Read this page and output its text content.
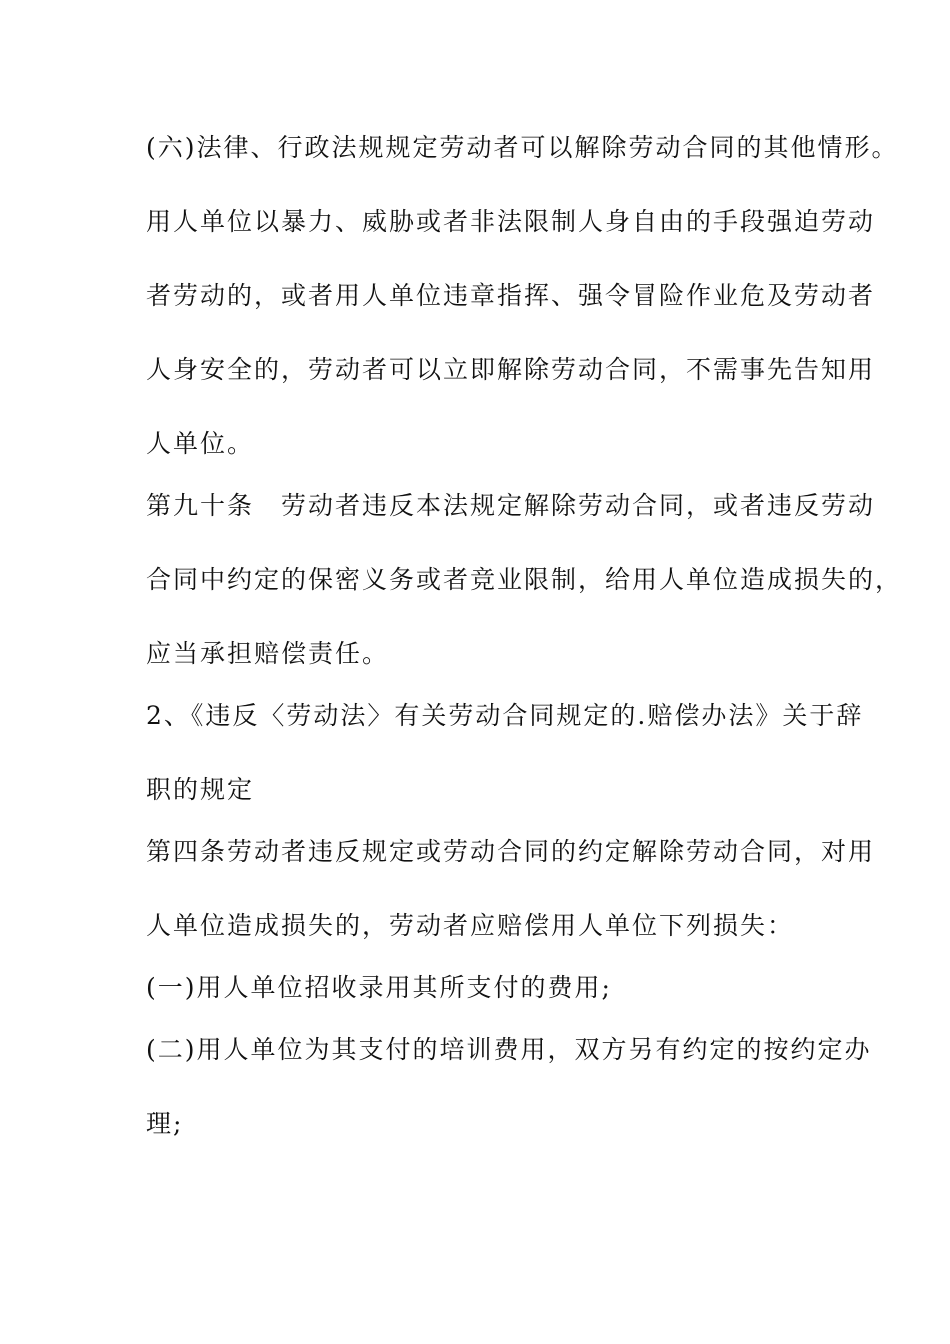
(六)法律、行政法规规定劳动者可以解除劳动合同的其他情形。
用人单位以暴力、威胁或者非法限制人身自由的手段强迫劳动
者劳动的，或者用人单位违章指挥、强令冒险作业危及劳动者
人身安全的，劳动者可以立即解除劳动合同，不需事先告知用
人单位。
第九十条　劳动者违反本法规定解除劳动合同，或者违反劳动
合同中约定的保密义务或者竞业限制，给用人单位造成损失的，
应当承担赔偿责任。
2、《违反〈劳动法〉有关劳动合同规定的.赔偿办法》关于辞
职的规定
第四条劳动者违反规定或劳动合同的约定解除劳动合同，对用
人单位造成损失的，劳动者应赔偿用人单位下列损失：
(一)用人单位招收录用其所支付的费用;
(二)用人单位为其支付的培训费用，双方另有约定的按约定办
理;
